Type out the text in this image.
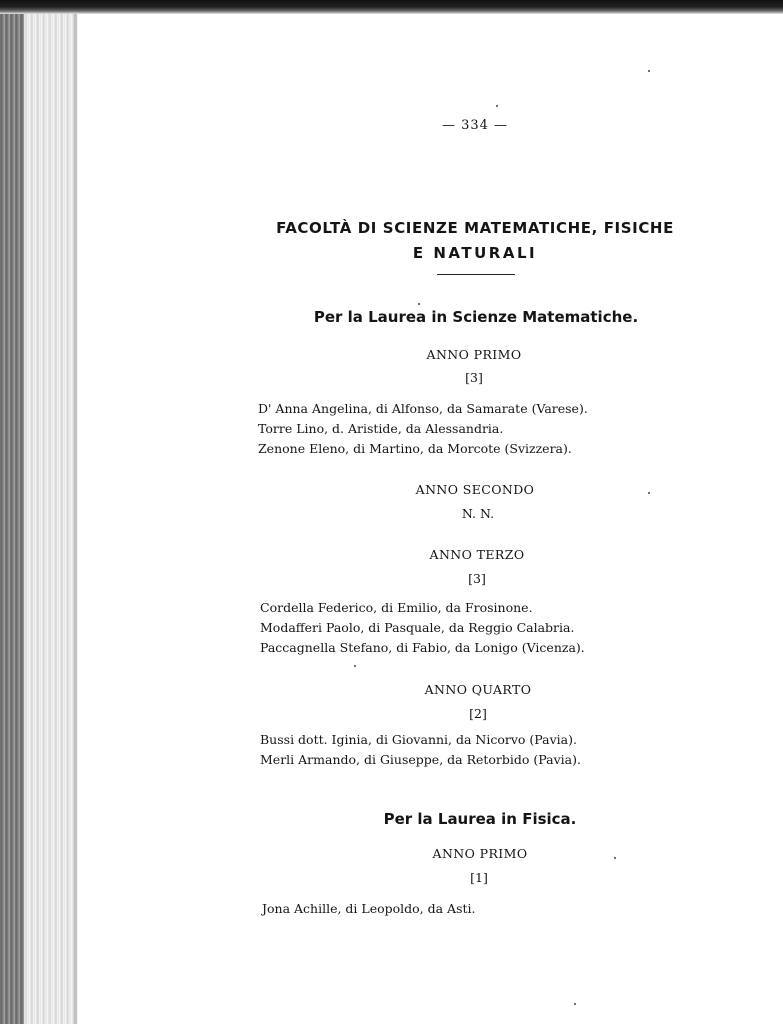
— 334 —
FACOLTÀ DI SCIENZE MATEMATICHE, FISICHE
E NATURALI
Per la Laurea in Scienze Matematiche.
ANNO PRIMO
[3]
D' Anna Angelina, di Alfonso, da Samarate (Varese).
Torre Lino, d. Aristide, da Alessandria.
Zenone Eleno, di Martino, da Morcote (Svizzera).
ANNO SECONDO
N. N.
ANNO TERZO
[3]
Cordella Federico, di Emilio, da Frosinone.
Modafferi Paolo, di Pasquale, da Reggio Calabria.
Paccagnella Stefano, di Fabio, da Lonigo (Vicenza).
ANNO QUARTO
[2]
Bussi dott. Iginia, di Giovanni, da Nicorvo (Pavia).
Merli Armando, di Giuseppe, da Retorbido (Pavia).
Per la Laurea in Fisica.
ANNO PRIMO
[1]
Jona Achille, di Leopoldo, da Asti.
